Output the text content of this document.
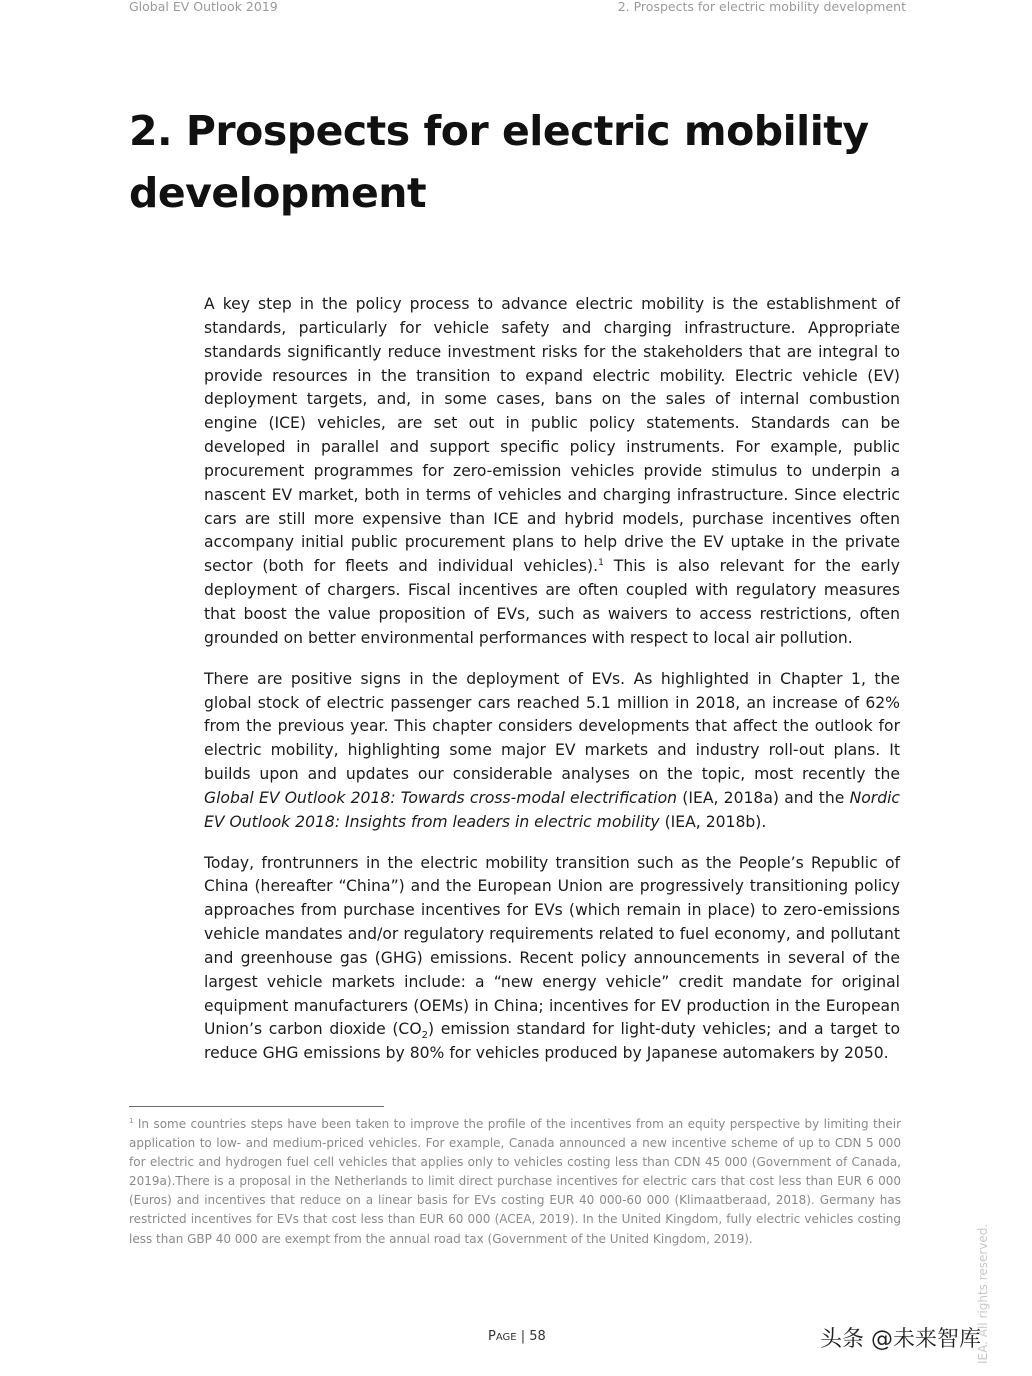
Global EV Outlook 2019	2. Prospects for electric mobility development
2. Prospects for electric mobility
development

A key step in the policy process to advance electric mobility is the establishment of standards, particularly for vehicle safety and charging infrastructure. Appropriate standards significantly reduce investment risks for the stakeholders that are integral to provide resources in the transition to expand electric mobility. Electric vehicle (EV) deployment targets, and, in some cases, bans on the sales of internal combustion engine (ICE) vehicles, are set out in public policy statements. Standards can be developed in parallel and support specific policy instruments. For example, public procurement programmes for zero-emission vehicles provide stimulus to underpin a nascent EV market, both in terms of vehicles and charging infrastructure. Since electric cars are still more expensive than ICE and hybrid models, purchase incentives often accompany initial public procurement plans to help drive the EV uptake in the private sector (both for fleets and individual vehicles).$^1$ This is also relevant for the early deployment of chargers. Fiscal incentives are often coupled with regulatory measures that boost the value proposition of EVs, such as waivers to access restrictions, often grounded on better environmental performances with respect to local air pollution.

There are positive signs in the deployment of EVs. As highlighted in Chapter 1, the global stock of electric passenger cars reached 5.1 million in 2018, an increase of 62% from the previous year. This chapter considers developments that affect the outlook for electric mobility, highlighting some major EV markets and industry roll-out plans. It builds upon and updates our considerable analyses on the topic, most recently the Global EV Outlook 2018: Towards cross-modal electrification (IEA, 2018a) and the Nordic EV Outlook 2018: Insights from leaders in electric mobility (IEA, 2018b).

Today, frontrunners in the electric mobility transition such as the People’s Republic of China (hereafter “China”) and the European Union are progressively transitioning policy approaches from purchase incentives for EVs (which remain in place) to zero-emissions vehicle mandates and/or regulatory requirements related to fuel economy, and pollutant and greenhouse gas (GHG) emissions. Recent policy announcements in several of the largest vehicle markets include: a “new energy vehicle” credit mandate for original equipment manufacturers (OEMs) in China; incentives for EV production in the European Union’s carbon dioxide $(CO_2)$ emission standard for light-duty vehicles; and a target to reduce GHG emissions by 80% for vehicles produced by Japanese automakers by 2050.

$^1$ In some countries steps have been taken to improve the profile of the incentives from an equity perspective by limiting their application to low- and medium-priced vehicles. For example, Canada announced a new incentive scheme of up to CDN 5 000 for electric and hydrogen fuel cell vehicles that applies only to vehicles costing less than CDN 45 000 (Government of Canada, 2019a).There is a proposal in the Netherlands to limit direct purchase incentives for electric cars that cost less than EUR 6 000 (Euros) and incentives that reduce on a linear basis for EVs costing EUR 40 000-60 000 (Klimaatberaad, 2018). Germany has restricted incentives for EVs that cost less than EUR 60 000 (ACEA, 2019). In the United Kingdom, fully electric vehicles costing less than GBP 40 000 are exempt from the annual road tax (Government of the United Kingdom, 2019).

PAGE | 58	IEA. All rights reserved.
头条 @未来智库
